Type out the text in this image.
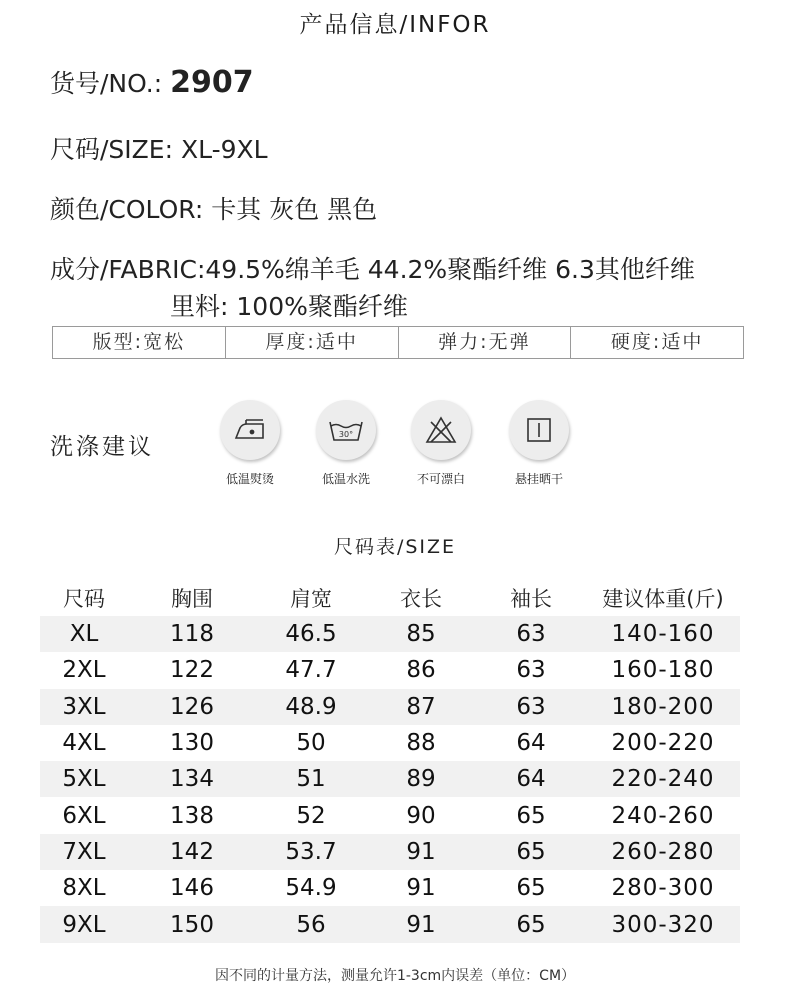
产品信息/INFOR
货号/NO.: 2907
尺码/SIZE: XL-9XL
颜色/COLOR: 卡其 灰色 黑色
成分/FABRIC:49.5%绵羊毛 44.2%聚酯纤维 6.3其他纤维
里料: 100%聚酯纤维
版型:宽松	厚度:适中	弹力:无弹	硬度:适中
洗涤建议
低温熨烫
30°
低温水洗	不可漂白	悬挂晒干
尺码表/SIZE
尺码	胸围	肩宽	衣长	袖长	建议体重(斤)
XL	118	46.5	85	63	140-160
2XL	122	47.7	86	63	160-180
3XL	126	48.9	87	63	180-200
4XL	130	50	88	64	200-220
5XL	134	51	89	64	220-240
6XL	138	52	90	65	240-260
7XL	142	53.7	91	65	260-280
8XL	146	54.9	91	65	280-300
9XL	150	56	91	65	300-320
因不同的计量方法，测量允许1-3cm内误差（单位：CM）
